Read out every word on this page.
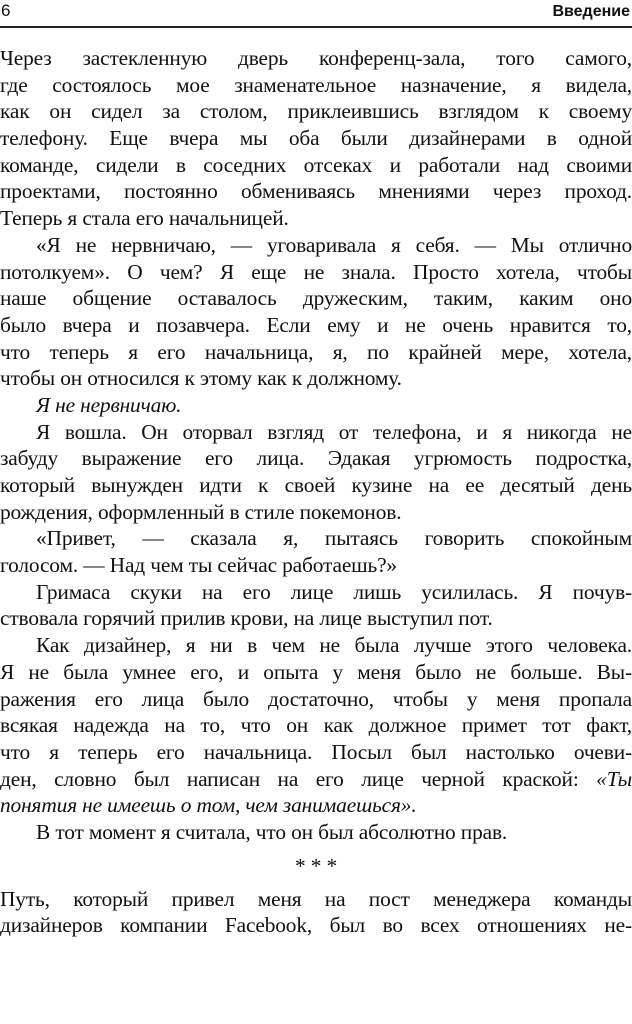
6	Введение
Через застекленную дверь конференц-зала, того самого,
где состоялось мое знаменательное назначение, я видела,
как он сидел за столом, приклеившись взглядом к своему
телефону. Еще вчера мы оба были дизайнерами в одной
команде, сидели в соседних отсеках и работали над своими
проектами, постоянно обмениваясь мнениями через проход.
Теперь я стала его начальницей.
«Я не нервничаю, — уговаривала я себя. — Мы отлично
потолкуем». О чем? Я еще не знала. Просто хотела, чтобы
наше общение оставалось дружеским, таким, каким оно
было вчера и позавчера. Если ему и не очень нравится то,
что теперь я его начальница, я, по крайней мере, хотела,
чтобы он относился к этому как к должному.
Я не нервничаю.
Я вошла. Он оторвал взгляд от телефона, и я никогда не
забуду выражение его лица. Эдакая угрюмость подростка,
который вынужден идти к своей кузине на ее десятый день
рождения, оформленный в стиле покемонов.
«Привет, — сказала я, пытаясь говорить спокойным
голосом. — Над чем ты сейчас работаешь?»
Гримаса скуки на его лице лишь усилилась. Я почув-
ствовала горячий прилив крови, на лице выступил пот.
Как дизайнер, я ни в чем не была лучше этого человека.
Я не была умнее его, и опыта у меня было не больше. Вы-
ражения его лица было достаточно, чтобы у меня пропала
всякая надежда на то, что он как должное примет тот факт,
что я теперь его начальница. Посыл был настолько очеви-
ден, словно был написан на его лице черной краской: «Ты
понятия не имеешь о том, чем занимаешься».
В тот момент я считала, что он был абсолютно прав.
* * *
Путь, который привел меня на пост менеджера команды
дизайнеров компании Facebook, был во всех отношениях не-
